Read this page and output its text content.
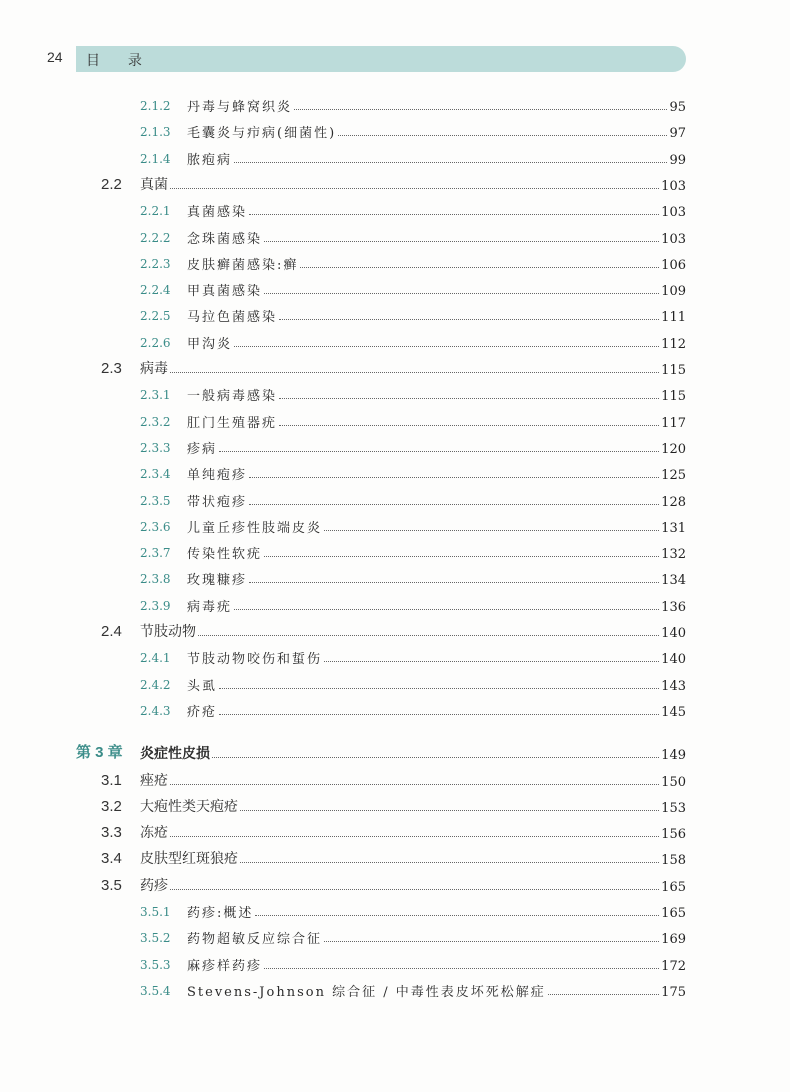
24 目 录
2.1.2 丹毒与蜂窝织炎	95
2.1.3 毛囊炎与疖病(细菌性)	97
2.1.4 脓疱病	99
2.2 真菌	103
2.2.1 真菌感染	103
2.2.2 念珠菌感染	103
2.2.3 皮肤癣菌感染:癣	106
2.2.4 甲真菌感染	109
2.2.5 马拉色菌感染	111
2.2.6 甲沟炎	112
2.3 病毒	115
2.3.1 一般病毒感染	115
2.3.2 肛门生殖器疣	117
2.3.3 疹病	120
2.3.4 单纯疱疹	125
2.3.5 带状疱疹	128
2.3.6 儿童丘疹性肢端皮炎	131
2.3.7 传染性软疣	132
2.3.8 玫瑰糠疹	134
2.3.9 病毒疣	136
2.4 节肢动物	140
2.4.1 节肢动物咬伤和蜇伤	140
2.4.2 头虱	143
2.4.3 疥疮	145
第 3 章 炎症性皮损	149
3.1 痤疮	150
3.2 大疱性类天疱疮	153
3.3 冻疮	156
3.4 皮肤型红斑狼疮	158
3.5 药疹	165
3.5.1 药疹:概述	165
3.5.2 药物超敏反应综合征	169
3.5.3 麻疹样药疹	172
3.5.4 Stevens-Johnson 综合征 / 中毒性表皮坏死松解症	175
